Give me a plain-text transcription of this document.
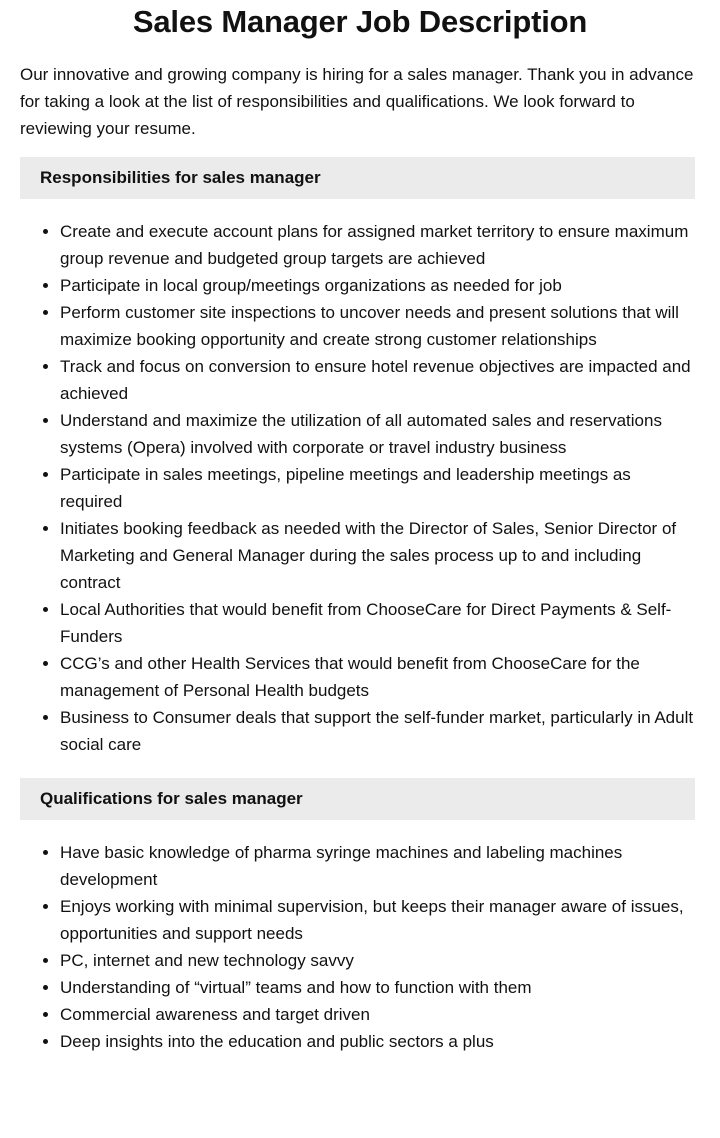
Sales Manager Job Description

Our innovative and growing company is hiring for a sales manager. Thank you in advance for taking a look at the list of responsibilities and qualifications. We look forward to reviewing your resume.

Responsibilities for sales manager
• Create and execute account plans for assigned market territory to ensure maximum group revenue and budgeted group targets are achieved
• Participate in local group/meetings organizations as needed for job
• Perform customer site inspections to uncover needs and present solutions that will maximize booking opportunity and create strong customer relationships
• Track and focus on conversion to ensure hotel revenue objectives are impacted and achieved
• Understand and maximize the utilization of all automated sales and reservations systems (Opera) involved with corporate or travel industry business
• Participate in sales meetings, pipeline meetings and leadership meetings as required
• Initiates booking feedback as needed with the Director of Sales, Senior Director of Marketing and General Manager during the sales process up to and including contract
• Local Authorities that would benefit from ChooseCare for Direct Payments & Self-Funders
• CCG’s and other Health Services that would benefit from ChooseCare for the management of Personal Health budgets
• Business to Consumer deals that support the self-funder market, particularly in Adult social care
Qualifications for sales manager
• Have basic knowledge of pharma syringe machines and labeling machines development
• Enjoys working with minimal supervision, but keeps their manager aware of issues, opportunities and support needs
• PC, internet and new technology savvy
• Understanding of “virtual” teams and how to function with them
• Commercial awareness and target driven
• Deep insights into the education and public sectors a plus
